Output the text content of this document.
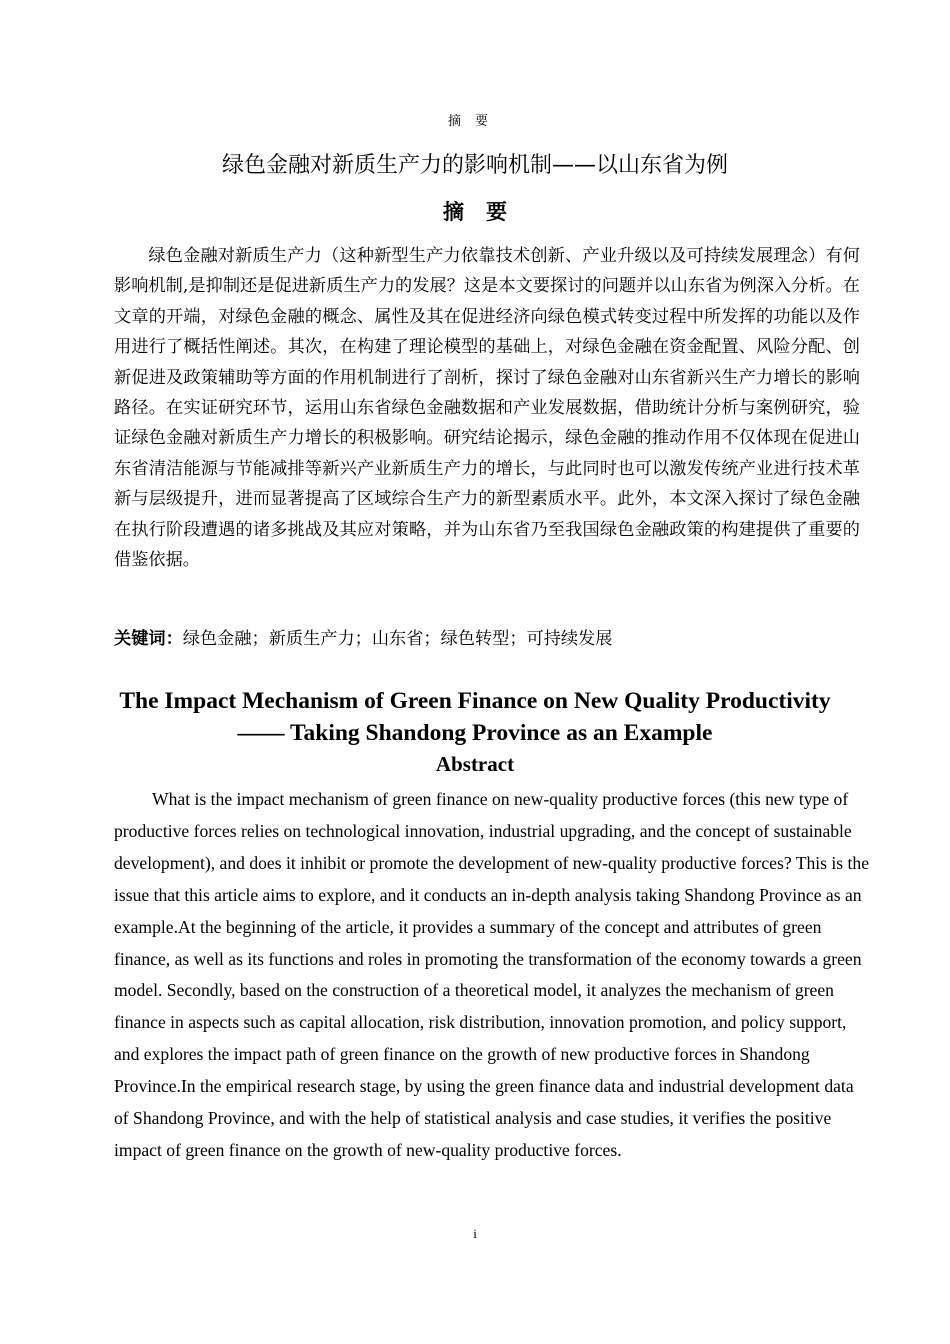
摘要
绿色金融对新质生产力的影响机制——以山东省为例
摘要

绿色金融对新质生产力（这种新型生产力依靠技术创新、产业升级以及可持续发展理念）有何影响机制,是抑制还是促进新质生产力的发展？这是本文要探讨的问题并以山东省为例深入分析。在文章的开端，对绿色金融的概念、属性及其在促进经济向绿色模式转变过程中所发挥的功能以及作用进行了概括性阐述。其次，在构建了理论模型的基础上，对绿色金融在资金配置、风险分配、创新促进及政策辅助等方面的作用机制进行了剖析，探讨了绿色金融对山东省新兴生产力增长的影响路径。在实证研究环节，运用山东省绿色金融数据和产业发展数据，借助统计分析与案例研究，验证绿色金融对新质生产力增长的积极影响。研究结论揭示，绿色金融的推动作用不仅体现在促进山东省清洁能源与节能减排等新兴产业新质生产力的增长，与此同时也可以激发传统产业进行技术革新与层级提升，进而显著提高了区域综合生产力的新型素质水平。此外，本文深入探讨了绿色金融在执行阶段遭遇的诸多挑战及其应对策略，并为山东省乃至我国绿色金融政策的构建提供了重要的借鉴依据。

关键词：绿色金融；新质生产力；山东省；绿色转型；可持续发展

The Impact Mechanism of Green Finance on New Quality Productivity
—— Taking Shandong Province as an Example
Abstract

What is the impact mechanism of green finance on new-quality productive forces (this new type of productive forces relies on technological innovation, industrial upgrading, and the concept of sustainable development), and does it inhibit or promote the development of new-quality productive forces? This is the issue that this article aims to explore, and it conducts an in-depth analysis taking Shandong Province as an example.At the beginning of the article, it provides a summary of the concept and attributes of green finance, as well as its functions and roles in promoting the transformation of the economy towards a green model. Secondly, based on the construction of a theoretical model, it analyzes the mechanism of green finance in aspects such as capital allocation, risk distribution, innovation promotion, and policy support, and explores the impact path of green finance on the growth of new productive forces in Shandong Province.In the empirical research stage, by using the green finance data and industrial development data of Shandong Province, and with the help of statistical analysis and case studies, it verifies the positive impact of green finance on the growth of new-quality productive forces.

i
